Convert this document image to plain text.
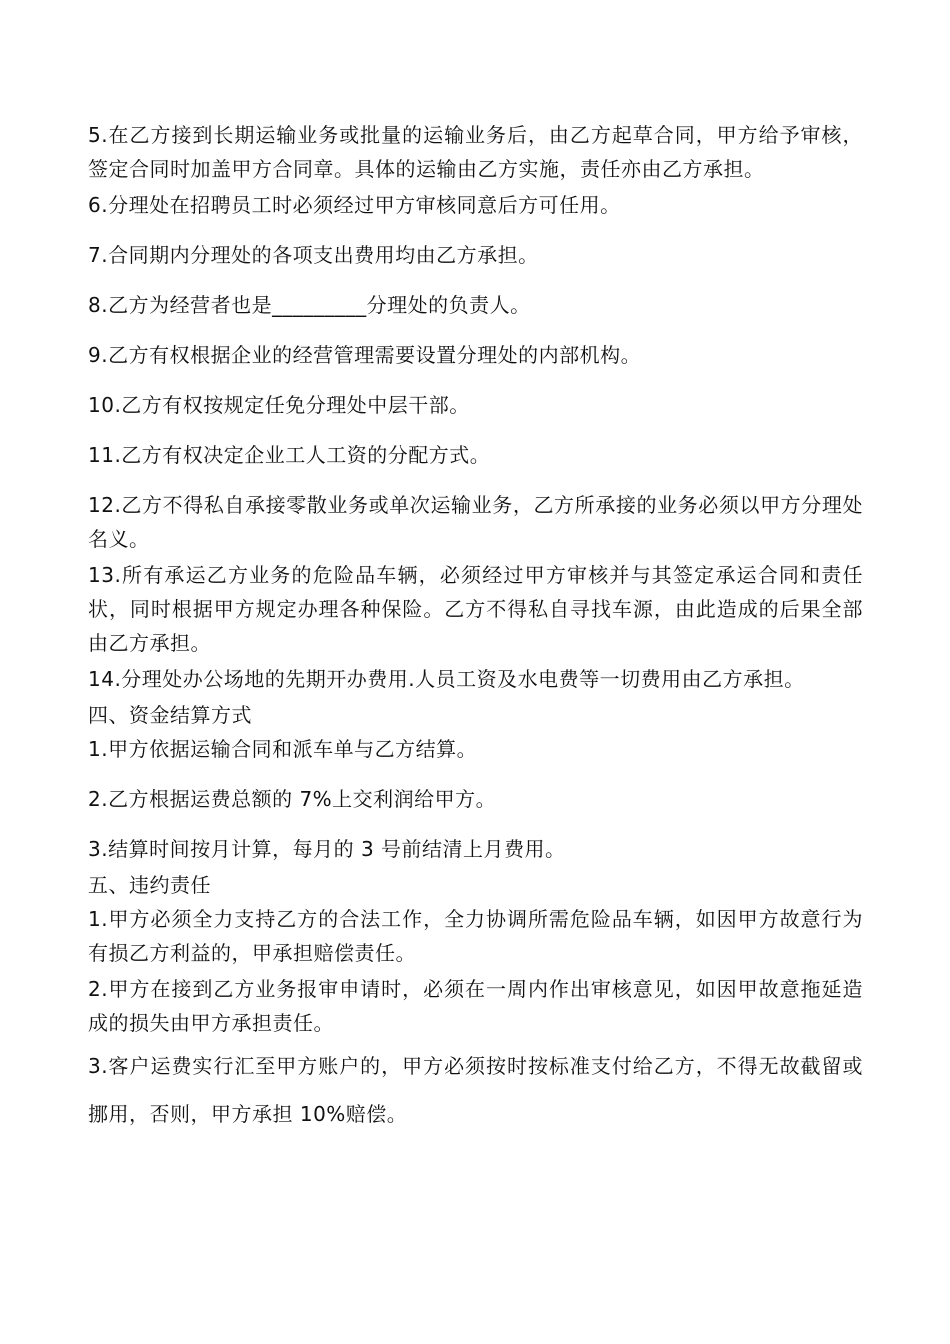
5.在乙方接到长期运输业务或批量的运输业务后，由乙方起草合同，甲方给予审核，签定合同时加盖甲方合同章。具体的运输由乙方实施，责任亦由乙方承担。

6.分理处在招聘员工时必须经过甲方审核同意后方可任用。

7.合同期内分理处的各项支出费用均由乙方承担。

8.乙方为经营者也是_________分理处的负责人。

9.乙方有权根据企业的经营管理需要设置分理处的内部机构。

10.乙方有权按规定任免分理处中层干部。

11.乙方有权决定企业工人工资的分配方式。

12.乙方不得私自承接零散业务或单次运输业务，乙方所承接的业务必须以甲方分理处名义。

13.所有承运乙方业务的危险品车辆，必须经过甲方审核并与其签定承运合同和责任状，同时根据甲方规定办理各种保险。乙方不得私自寻找车源，由此造成的后果全部由乙方承担。

14.分理处办公场地的先期开办费用.人员工资及水电费等一切费用由乙方承担。

四、资金结算方式

1.甲方依据运输合同和派车单与乙方结算。

2.乙方根据运费总额的 7%上交利润给甲方。

3.结算时间按月计算，每月的 3 号前结清上月费用。

五、违约责任

1.甲方必须全力支持乙方的合法工作，全力协调所需危险品车辆，如因甲方故意行为有损乙方利益的，甲承担赔偿责任。

2.甲方在接到乙方业务报审申请时，必须在一周内作出审核意见，如因甲故意拖延造成的损失由甲方承担责任。

3.客户运费实行汇至甲方账户的，甲方必须按时按标准支付给乙方，不得无故截留或挪用，否则，甲方承担 10%赔偿。
